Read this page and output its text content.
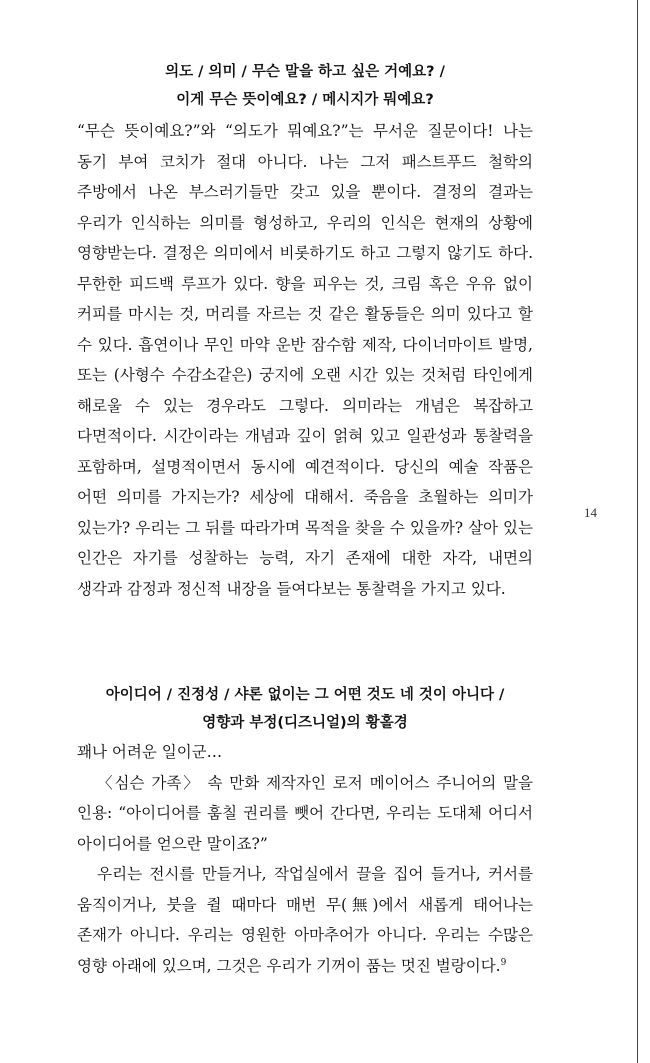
의도 / 의미 / 무슨 말을 하고 싶은 거예요? /

이게 무슨 뜻이예요? / 메시지가 뭐예요?

“무슨 뜻이예요?”와 “의도가 뭐예요?”는 무서운 질문이다! 나는 동기 부여 코치가 절대 아니다. 나는 그저 패스트푸드 철학의 주방에서 나온 부스러기들만 갖고 있을 뿐이다. 결정의 결과는 우리가 인식하는 의미를 형성하고, 우리의 인식은 현재의 상황에 영향받는다. 결정은 의미에서 비롯하기도 하고 그렇지 않기도 하다. 무한한 피드백 루프가 있다. 향을 피우는 것, 크림 혹은 우유 없이 커피를 마시는 것, 머리를 자르는 것 같은 활동들은 의미 있다고 할 수 있다. 흡연이나 무인 마약 운반 잠수함 제작, 다이너마이트 발명, 또는 (사형수 수감소같은) 궁지에 오랜 시간 있는 것처럼 타인에게 해로울 수 있는 경우라도 그렇다. 의미라는 개념은 복잡하고 다면적이다. 시간이라는 개념과 깊이 얽혀 있고 일관성과 통찰력을 포함하며, 설명적이면서 동시에 예견적이다. 당신의 예술 작품은 어떤 의미를 가지는가? 세상에 대해서. 죽음을 초월하는 의미가 있는가? 우리는 그 뒤를 따라가며 목적을 찾을 수 있을까? 살아 있는 인간은 자기를 성찰하는 능력, 자기 존재에 대한 자각, 내면의 생각과 감정과 정신적 내장을 들여다보는 통찰력을 가지고 있다.

아이디어 / 진정성 / 샤론 없이는 그 어떤 것도 네 것이 아니다 /

영향과 부정(디즈니얼)의 황홀경

꽤나 어려운 일이군…

〈심슨 가족〉 속 만화 제작자인 로저 메이어스 주니어의 말을 인용: “아이디어를 훔칠 권리를 뺏어 간다면, 우리는 도대체 어디서 아이디어를 얻으란 말이죠?”

우리는 전시를 만들거나, 작업실에서 끌을 집어 들거나, 커서를 움직이거나, 붓을 쥘 때마다 매번 무(無)에서 새롭게 태어나는 존재가 아니다. 우리는 영원한 아마추어가 아니다. 우리는 수많은 영향 아래에 있으며, 그것은 우리가 기꺼이 품는 멋진 벌랑이다.$^9$

14
